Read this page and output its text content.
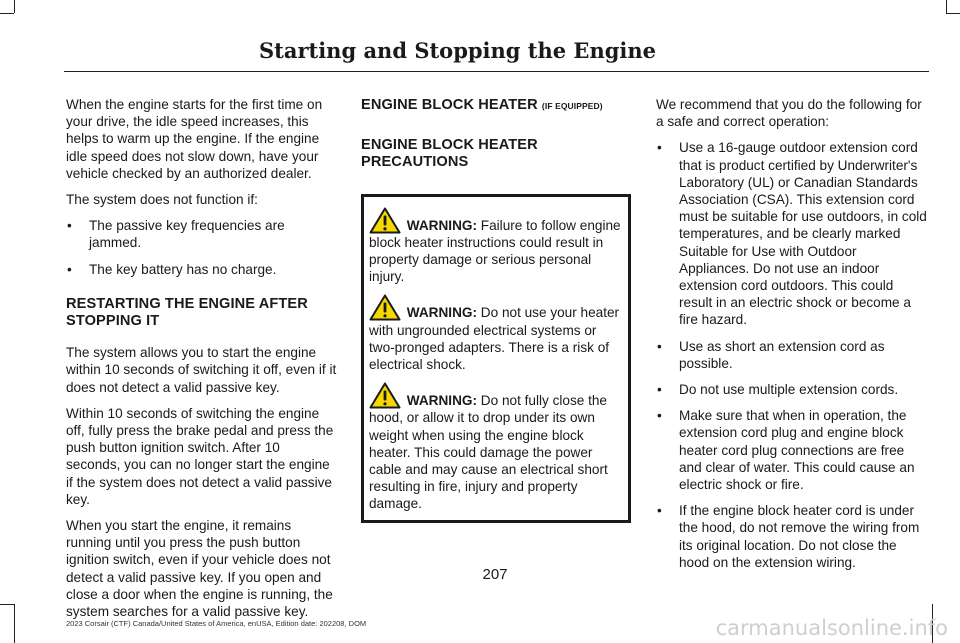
Starting and Stopping the Engine

When the engine starts for the first time on your drive, the idle speed increases, this helps to warm up the engine. If the engine idle speed does not slow down, have your vehicle checked by an authorized dealer.

The system does not function if:

• The passive key frequencies are jammed.
• The key battery has no charge.
RESTARTING THE ENGINE AFTER STOPPING IT

The system allows you to start the engine within 10 seconds of switching it off, even if it does not detect a valid passive key.

Within 10 seconds of switching the engine off, fully press the brake pedal and press the push button ignition switch. After 10 seconds, you can no longer start the engine if the system does not detect a valid passive key.

When you start the engine, it remains running until you press the push button ignition switch, even if your vehicle does not detect a valid passive key. If you open and close a door when the engine is running, the system searches for a valid passive key.

ENGINE BLOCK HEATER (IF EQUIPPED)
ENGINE BLOCK HEATER PRECAUTIONS

WARNING: Failure to follow engine block heater instructions could result in property damage or serious personal injury.

WARNING: Do not use your heater with ungrounded electrical systems or two-pronged adapters. There is a risk of electrical shock.

WARNING: Do not fully close the hood, or allow it to drop under its own weight when using the engine block heater. This could damage the power cable and may cause an electrical short resulting in fire, injury and property damage.

We recommend that you do the following for a safe and correct operation:

• Use a 16-gauge outdoor extension cord that is product certified by Underwriter's Laboratory (UL) or Canadian Standards Association (CSA). This extension cord must be suitable for use outdoors, in cold temperatures, and be clearly marked Suitable for Use with Outdoor Appliances. Do not use an indoor extension cord outdoors. This could result in an electric shock or become a fire hazard.
• Use as short an extension cord as possible.
• Do not use multiple extension cords.
• Make sure that when in operation, the extension cord plug and engine block heater cord plug connections are free and clear of water. This could cause an electric shock or fire.
• If the engine block heater cord is under the hood, do not remove the wiring from its original location. Do not close the hood on the extension wiring.
207
2023 Corsair (CTF) Canada/United States of America, enUSA, Edition date: 202208, DOM	carmanualsonline.info
